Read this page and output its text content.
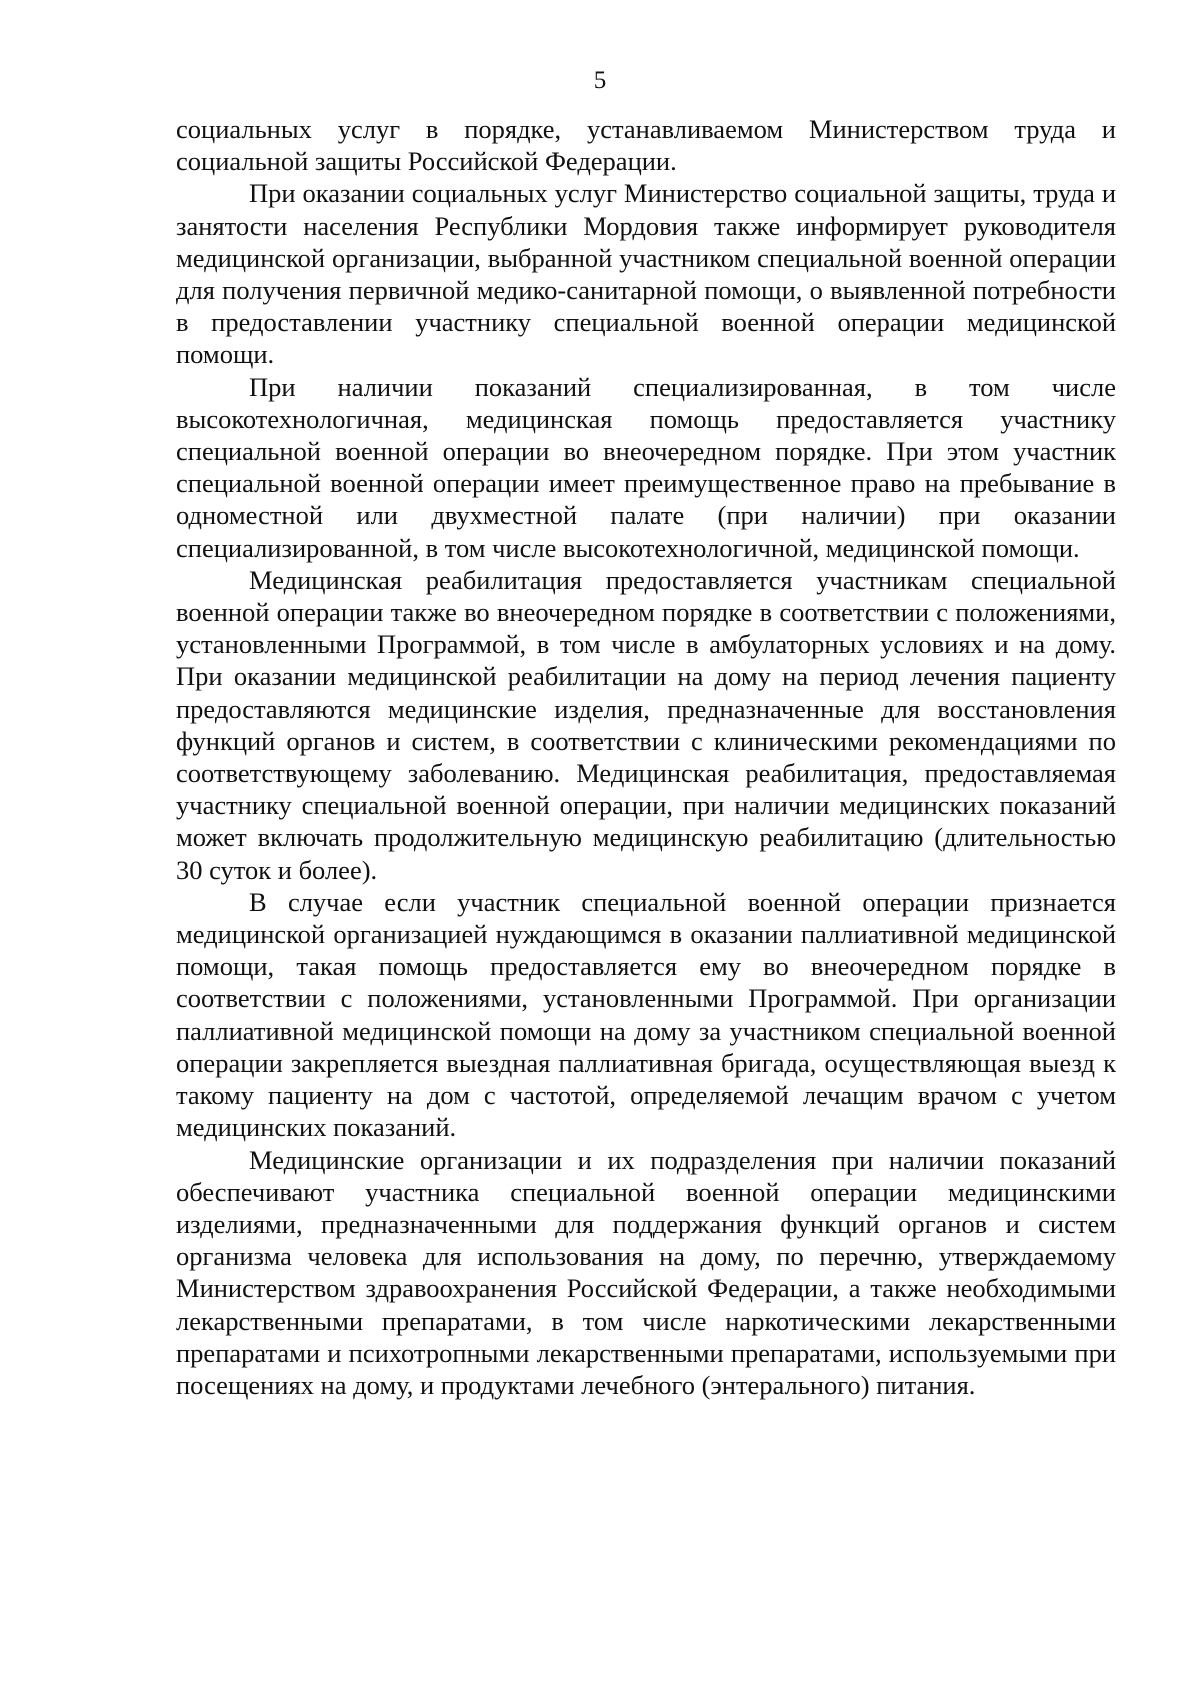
5

социальных услуг в порядке, устанавливаемом Министерством труда и социальной защиты Российской Федерации.

При оказании социальных услуг Министерство социальной защиты, труда и занятости населения Республики Мордовия также информирует руководителя медицинской организации, выбранной участником специальной военной операции для получения первичной медико-санитарной помощи, о выявленной потребности в предоставлении участнику специальной военной операции медицинской помощи.

При наличии показаний специализированная, в том числе высокотехнологичная, медицинская помощь предоставляется участнику специальной военной операции во внеочередном порядке. При этом участник специальной военной операции имеет преимущественное право на пребывание в одноместной или двухместной палате (при наличии) при оказании специализированной, в том числе высокотехнологичной, медицинской помощи.

Медицинская реабилитация предоставляется участникам специальной военной операции также во внеочередном порядке в соответствии с положениями, установленными Программой, в том числе в амбулаторных условиях и на дому. При оказании медицинской реабилитации на дому на период лечения пациенту предоставляются медицинские изделия, предназначенные для восстановления функций органов и систем, в соответствии с клиническими рекомендациями по соответствующему заболеванию. Медицинская реабилитация, предоставляемая участнику специальной военной операции, при наличии медицинских показаний может включать продолжительную медицинскую реабилитацию (длительностью 30 суток и более).

В случае если участник специальной военной операции признается медицинской организацией нуждающимся в оказании паллиативной медицинской помощи, такая помощь предоставляется ему во внеочередном порядке в соответствии с положениями, установленными Программой. При организации паллиативной медицинской помощи на дому за участником специальной военной операции закрепляется выездная паллиативная бригада, осуществляющая выезд к такому пациенту на дом с частотой, определяемой лечащим врачом с учетом медицинских показаний.

Медицинские организации и их подразделения при наличии показаний обеспечивают участника специальной военной операции медицинскими изделиями, предназначенными для поддержания функций органов и систем организма человека для использования на дому, по перечню, утверждаемому Министерством здравоохранения Российской Федерации, а также необходимыми лекарственными препаратами, в том числе наркотическими лекарственными препаратами и психотропными лекарственными препаратами, используемыми при посещениях на дому, и продуктами лечебного (энтерального) питания.
